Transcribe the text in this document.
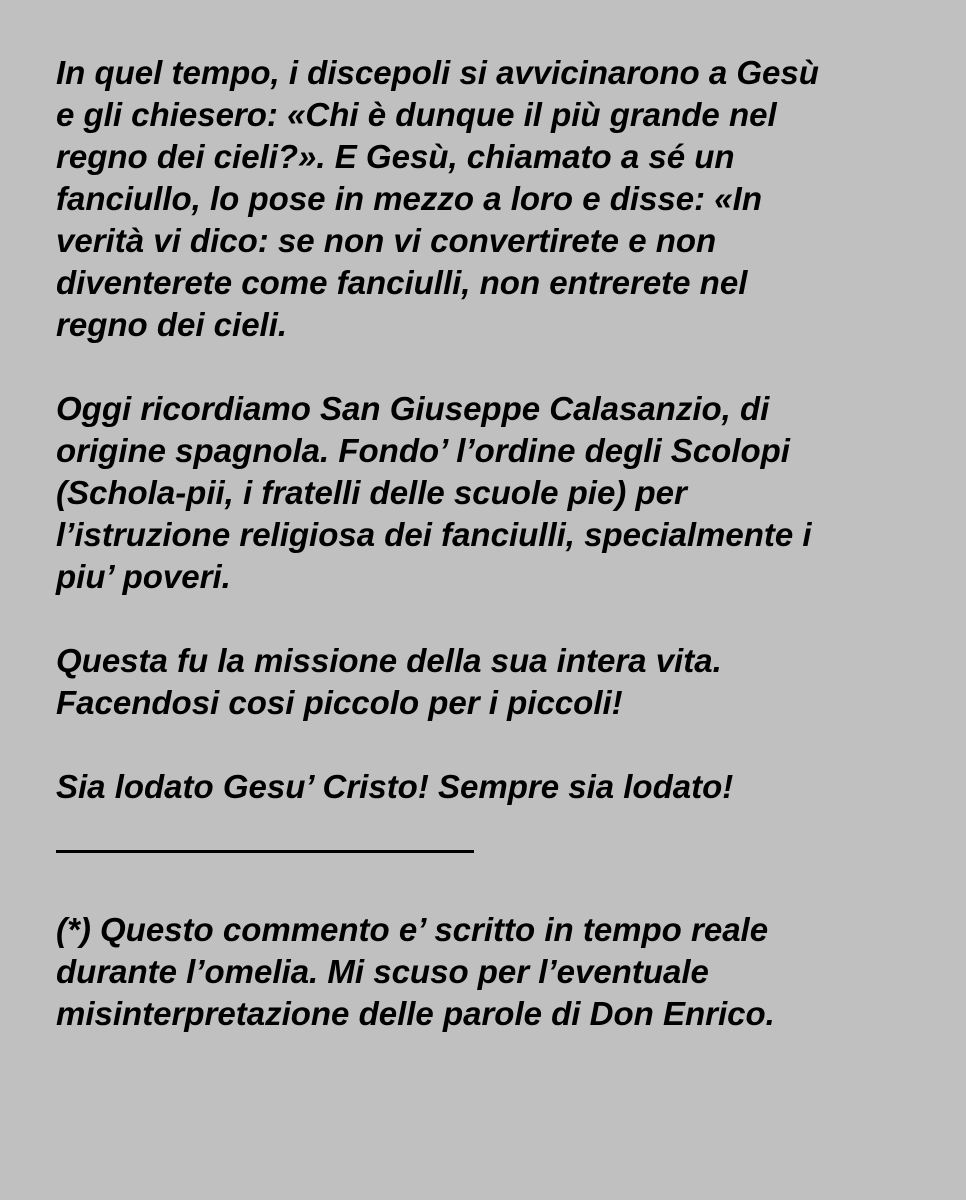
In quel tempo, i discepoli si avvicinarono a Gesù
e gli chiesero: «Chi è dunque il più grande nel
regno dei cieli?». E Gesù, chiamato a sé un
fanciullo, lo pose in mezzo a loro e disse: «In
verità vi dico: se non vi convertirete e non
diventerete come fanciulli, non entrerete nel
regno dei cieli.
Oggi ricordiamo San Giuseppe Calasanzio, di
origine spagnola. Fondo’ l’ordine degli Scolopi
(Schola-pii, i fratelli delle scuole pie) per
l’istruzione religiosa dei fanciulli, specialmente i
piu’ poveri.
Questa fu la missione della sua intera vita.
Facendosi cosi piccolo per i piccoli!
Sia lodato Gesu’ Cristo! Sempre sia lodato!
(*) Questo commento e’ scritto in tempo reale
durante l’omelia. Mi scuso per l’eventuale
misinterpretazione delle parole di Don Enrico.
